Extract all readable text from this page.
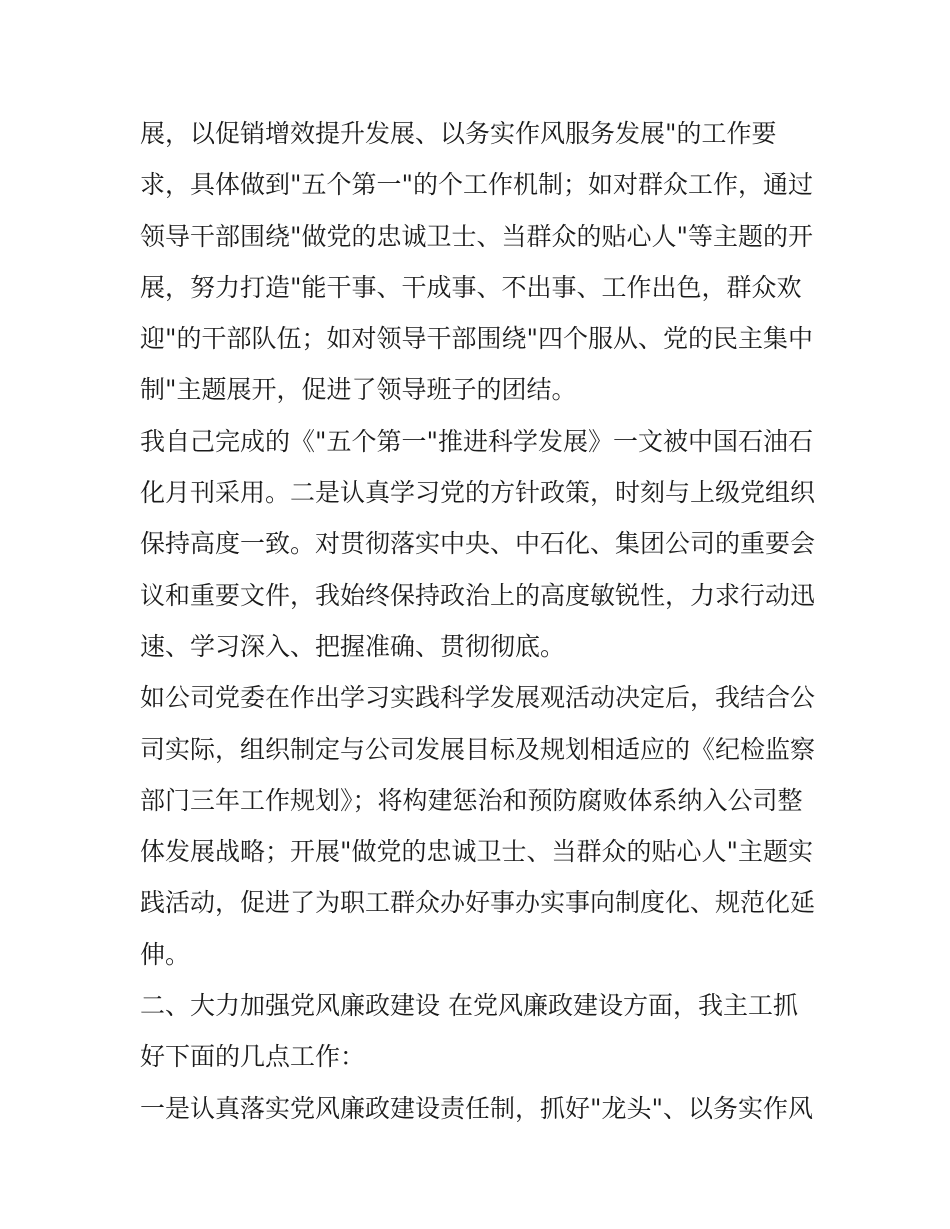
展，以促销增效提升发展、以务实作风服务发展"的工作要
求，具体做到"五个第一"的个工作机制；如对群众工作，通过
领导干部围绕"做党的忠诚卫士、当群众的贴心人"等主题的开
展，努力打造"能干事、干成事、不出事、工作出色，群众欢
迎"的干部队伍；如对领导干部围绕"四个服从、党的民主集中
制"主题展开，促进了领导班子的团结。
我自己完成的《"五个第一"推进科学发展》一文被中国石油石
化月刊采用。二是认真学习党的方针政策，时刻与上级党组织
保持高度一致。对贯彻落实中央、中石化、集团公司的重要会
议和重要文件，我始终保持政治上的高度敏锐性，力求行动迅
速、学习深入、把握准确、贯彻彻底。
如公司党委在作出学习实践科学发展观活动决定后，我结合公
司实际，组织制定与公司发展目标及规划相适应的《纪检监察
部门三年工作规划》；将构建惩治和预防腐败体系纳入公司整
体发展战略；开展"做党的忠诚卫士、当群众的贴心人"主题实
践活动，促进了为职工群众办好事办实事向制度化、规范化延
伸。
二、大力加强党风廉政建设 在党风廉政建设方面，我主工抓
好下面的几点工作：
一是认真落实党风廉政建设责任制，抓好"龙头"、以务实作风
